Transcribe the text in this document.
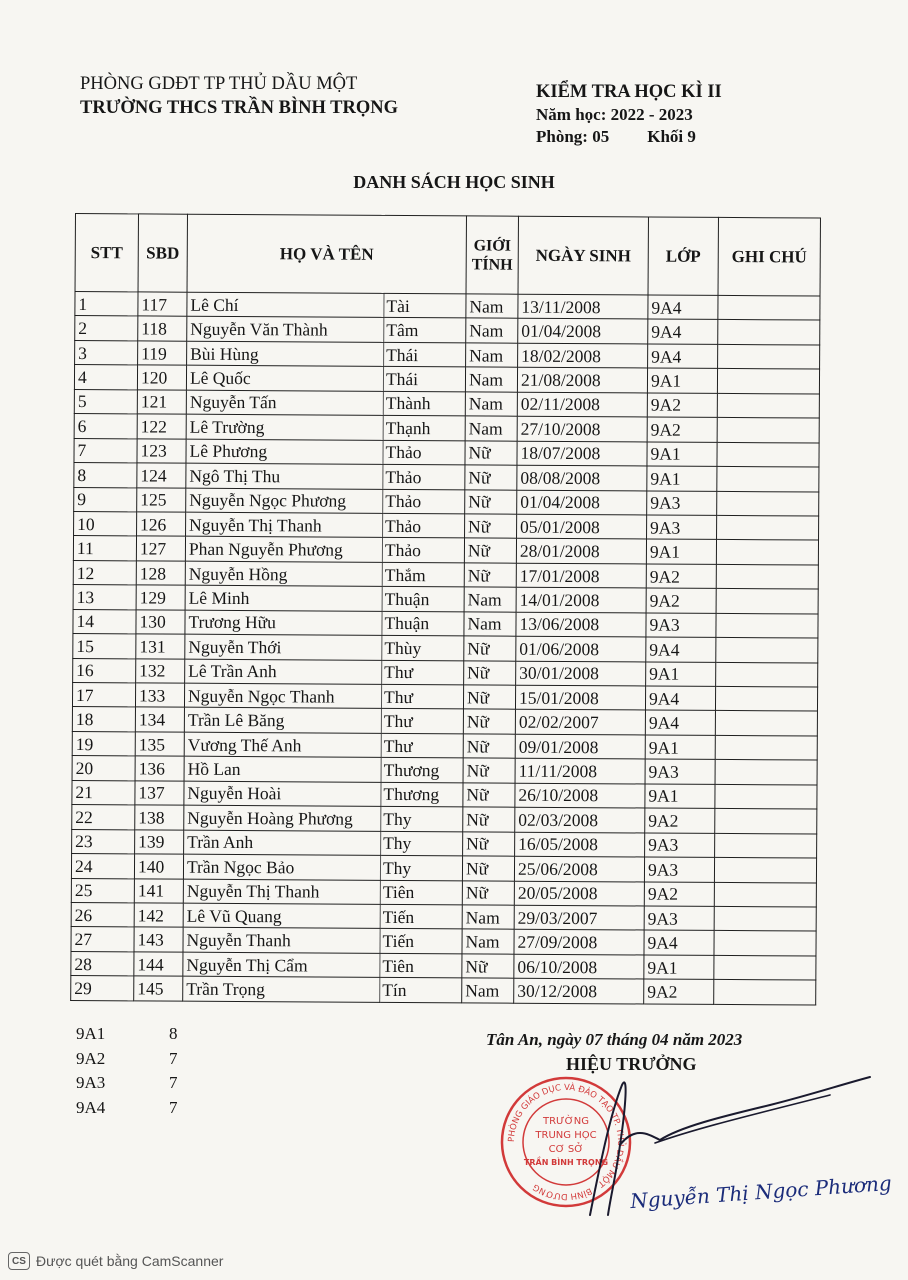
PHÒNG GDĐT TP THỦ DẦU MỘT
TRƯỜNG THCS TRẦN BÌNH TRỌNG
KIỂM TRA HỌC KÌ II
Năm học: 2022 - 2023
Phòng: 05 Khối 9
DANH SÁCH HỌC SINH
STT	SBD	HỌ VÀ TÊN		GIỚI
TÍNH	NGÀY SINH	LỚP	GHI CHÚ
1	117	Lê Chí	Tài	Nam	13/11/2008	9A4	
2	118	Nguyễn Văn Thành	Tâm	Nam	01/04/2008	9A4	
3	119	Bùi Hùng	Thái	Nam	18/02/2008	9A4	
4	120	Lê Quốc	Thái	Nam	21/08/2008	9A1	
5	121	Nguyễn Tấn	Thành	Nam	02/11/2008	9A2	
6	122	Lê Trường	Thạnh	Nam	27/10/2008	9A2	
7	123	Lê Phương	Thảo	Nữ	18/07/2008	9A1	
8	124	Ngô Thị Thu	Thảo	Nữ	08/08/2008	9A1	
9	125	Nguyễn Ngọc Phương	Thảo	Nữ	01/04/2008	9A3	
10	126	Nguyễn Thị Thanh	Thảo	Nữ	05/01/2008	9A3	
11	127	Phan Nguyễn Phương	Thảo	Nữ	28/01/2008	9A1	
12	128	Nguyễn Hồng	Thắm	Nữ	17/01/2008	9A2	
13	129	Lê Minh	Thuận	Nam	14/01/2008	9A2	
14	130	Trương Hữu	Thuận	Nam	13/06/2008	9A3	
15	131	Nguyễn Thới	Thùy	Nữ	01/06/2008	9A4	
16	132	Lê Trần Anh	Thư	Nữ	30/01/2008	9A1	
17	133	Nguyễn Ngọc Thanh	Thư	Nữ	15/01/2008	9A4	
18	134	Trần Lê Băng	Thư	Nữ	02/02/2007	9A4	
19	135	Vương Thế Anh	Thư	Nữ	09/01/2008	9A1	
20	136	Hồ Lan	Thương	Nữ	11/11/2008	9A3	
21	137	Nguyễn Hoài	Thương	Nữ	26/10/2008	9A1	
22	138	Nguyễn Hoàng Phương	Thy	Nữ	02/03/2008	9A2	
23	139	Trần Anh	Thy	Nữ	16/05/2008	9A3	
24	140	Trần Ngọc Bảo	Thy	Nữ	25/06/2008	9A3	
25	141	Nguyễn Thị Thanh	Tiên	Nữ	20/05/2008	9A2	
26	142	Lê Vũ Quang	Tiến	Nam	29/03/2007	9A3	
27	143	Nguyễn Thanh	Tiến	Nam	27/09/2008	9A4	
28	144	Nguyễn Thị Cẩm	Tiên	Nữ	06/10/2008	9A1	
29	145	Trần Trọng	Tín	Nam	30/12/2008	9A2	
9A1	8
9A2	7
9A3	7
9A4	7
Tân An, ngày 07 tháng 04 năm 2023
HIỆU TRƯỞNG
PHÒNG GIÁO DỤC VÀ ĐÀO TẠO TP. THỦ DẦU MỘT - BÌNH DƯƠNG
TRƯỜNG
TRUNG HỌC
CƠ SỞ
TRẦN BÌNH TRỌNG
Nguyễn Thị Ngọc Phương
CS Được quét bằng CamScanner
